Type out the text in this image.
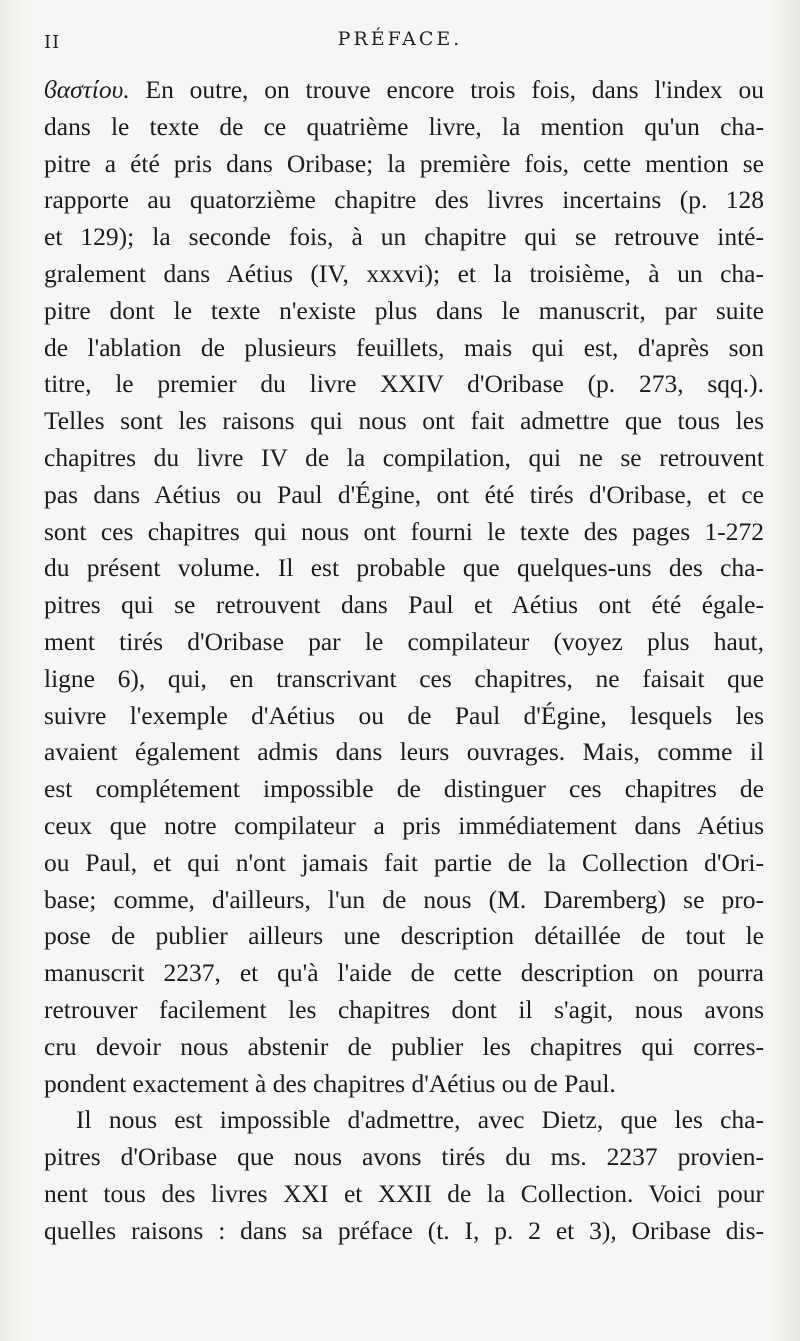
II	PRÉFACE.
ϐαστίου. En outre, on trouve encore trois fois, dans l'index ou
dans le texte de ce quatrième livre, la mention qu'un cha-
pitre a été pris dans Oribase; la première fois, cette mention se
rapporte au quatorzième chapitre des livres incertains (p. 128
et 129); la seconde fois, à un chapitre qui se retrouve inté-
gralement dans Aétius (IV, xxxvi); et la troisième, à un cha-
pitre dont le texte n'existe plus dans le manuscrit, par suite
de l'ablation de plusieurs feuillets, mais qui est, d'après son
titre, le premier du livre XXIV d'Oribase (p. 273, sqq.).
Telles sont les raisons qui nous ont fait admettre que tous les
chapitres du livre IV de la compilation, qui ne se retrouvent
pas dans Aétius ou Paul d'Égine, ont été tirés d'Oribase, et ce
sont ces chapitres qui nous ont fourni le texte des pages 1-272
du présent volume. Il est probable que quelques-uns des cha-
pitres qui se retrouvent dans Paul et Aétius ont été égale-
ment tirés d'Oribase par le compilateur (voyez plus haut,
ligne 6), qui, en transcrivant ces chapitres, ne faisait que
suivre l'exemple d'Aétius ou de Paul d'Égine, lesquels les
avaient également admis dans leurs ouvrages. Mais, comme il
est complétement impossible de distinguer ces chapitres de
ceux que notre compilateur a pris immédiatement dans Aétius
ou Paul, et qui n'ont jamais fait partie de la Collection d'Ori-
base; comme, d'ailleurs, l'un de nous (M. Daremberg) se pro-
pose de publier ailleurs une description détaillée de tout le
manuscrit 2237, et qu'à l'aide de cette description on pourra
retrouver facilement les chapitres dont il s'agit, nous avons
cru devoir nous abstenir de publier les chapitres qui corres-
pondent exactement à des chapitres d'Aétius ou de Paul.
Il nous est impossible d'admettre, avec Dietz, que les cha-
pitres d'Oribase que nous avons tirés du ms. 2237 provien-
nent tous des livres XXI et XXII de la Collection. Voici pour
quelles raisons : dans sa préface (t. I, p. 2 et 3), Oribase dis-
